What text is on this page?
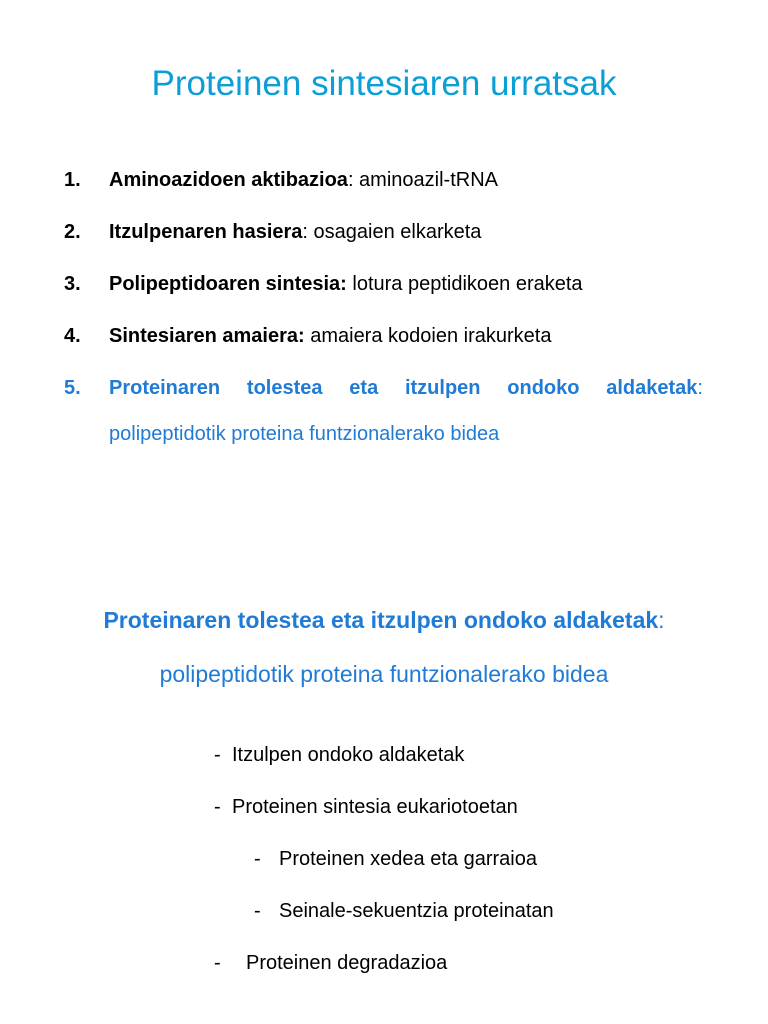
Proteinen sintesiaren urratsak
1.	Aminoazidoen aktibazioa: aminoazil-tRNA
2.	Itzulpenaren hasiera: osagaien elkarketa
3.	Polipeptidoaren sintesia: lotura peptidikoen eraketa
4.	Sintesiaren amaiera: amaiera kodoien irakurketa
5.	Proteinaren tolestea eta itzulpen ondoko aldaketak:
polipeptidotik proteina funtzionalerako bidea
Proteinaren tolestea eta itzulpen ondoko aldaketak:
polipeptidotik proteina funtzionalerako bidea
- Itzulpen ondoko aldaketak
- Proteinen sintesia eukariotoetan
- Proteinen xedea eta garraioa
- Seinale-sekuentzia proteinatan
- Proteinen degradazioa
